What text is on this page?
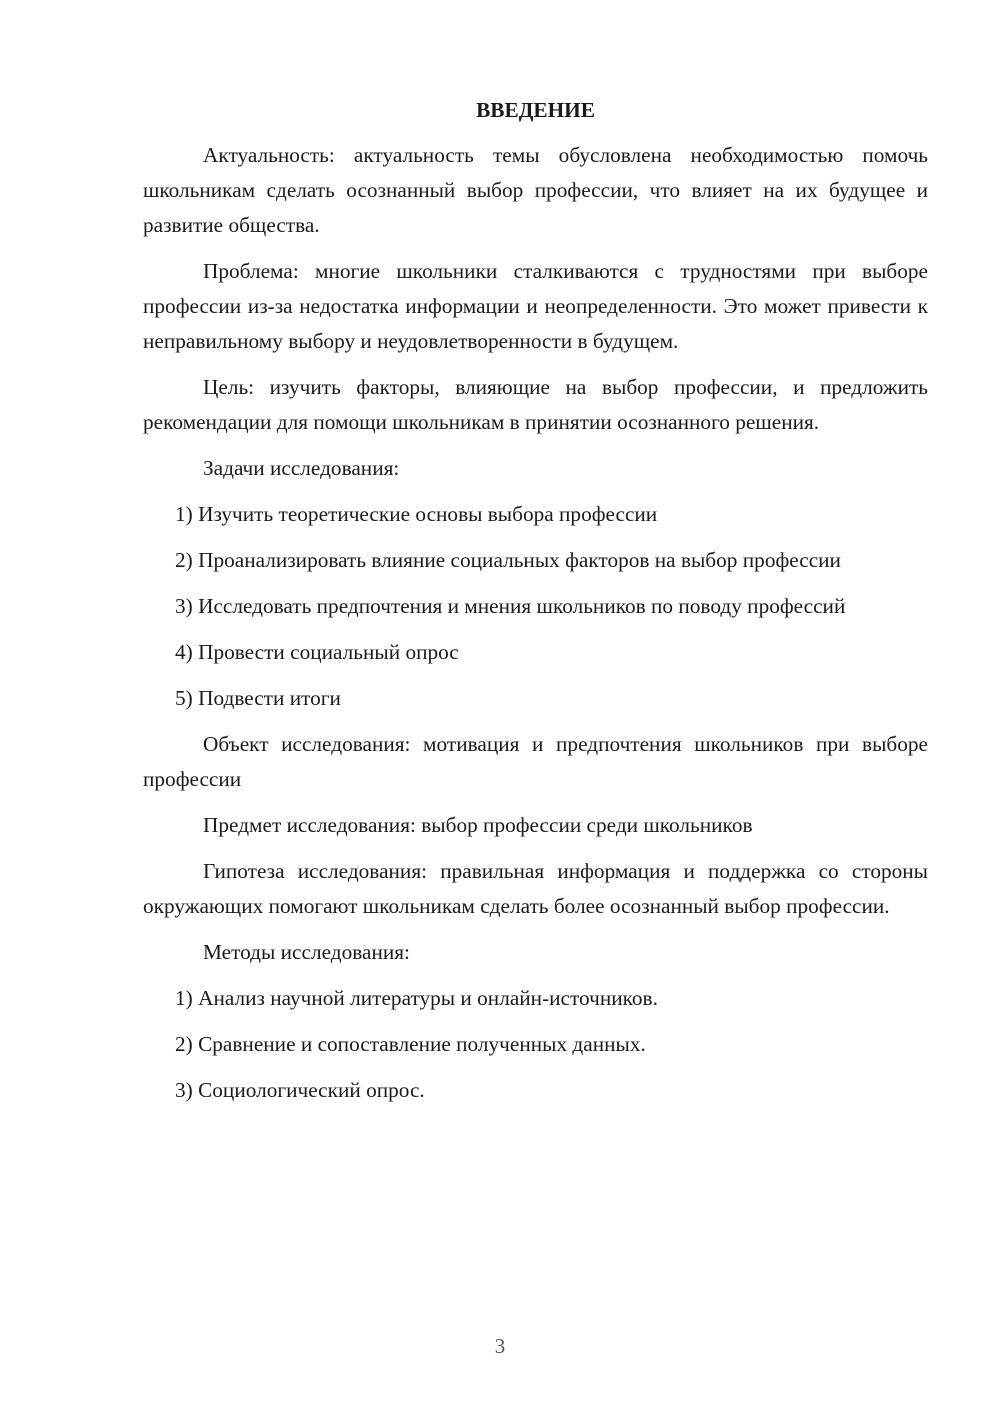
ВВЕДЕНИЕ

Актуальность: актуальность темы обусловлена необходимостью помочь школьникам сделать осознанный выбор профессии, что влияет на их будущее и развитие общества.

Проблема: многие школьники сталкиваются с трудностями при выборе профессии из-за недостатка информации и неопределенности. Это может привести к неправильному выбору и неудовлетворенности в будущем.

Цель: изучить факторы, влияющие на выбор профессии, и предложить рекомендации для помощи школьникам в принятии осознанного решения.

Задачи исследования:

1) Изучить теоретические основы выбора профессии

2) Проанализировать влияние социальных факторов на выбор профессии

3) Исследовать предпочтения и мнения школьников по поводу профессий

4) Провести социальный опрос

5) Подвести итоги

Объект исследования: мотивация и предпочтения школьников при выборе профессии

Предмет исследования: выбор профессии среди школьников

Гипотеза исследования: правильная информация и поддержка со стороны окружающих помогают школьникам сделать более осознанный выбор профессии.

Методы исследования:

1) Анализ научной литературы и онлайн-источников.

2) Сравнение и сопоставление полученных данных.

3) Социологический опрос.

3
